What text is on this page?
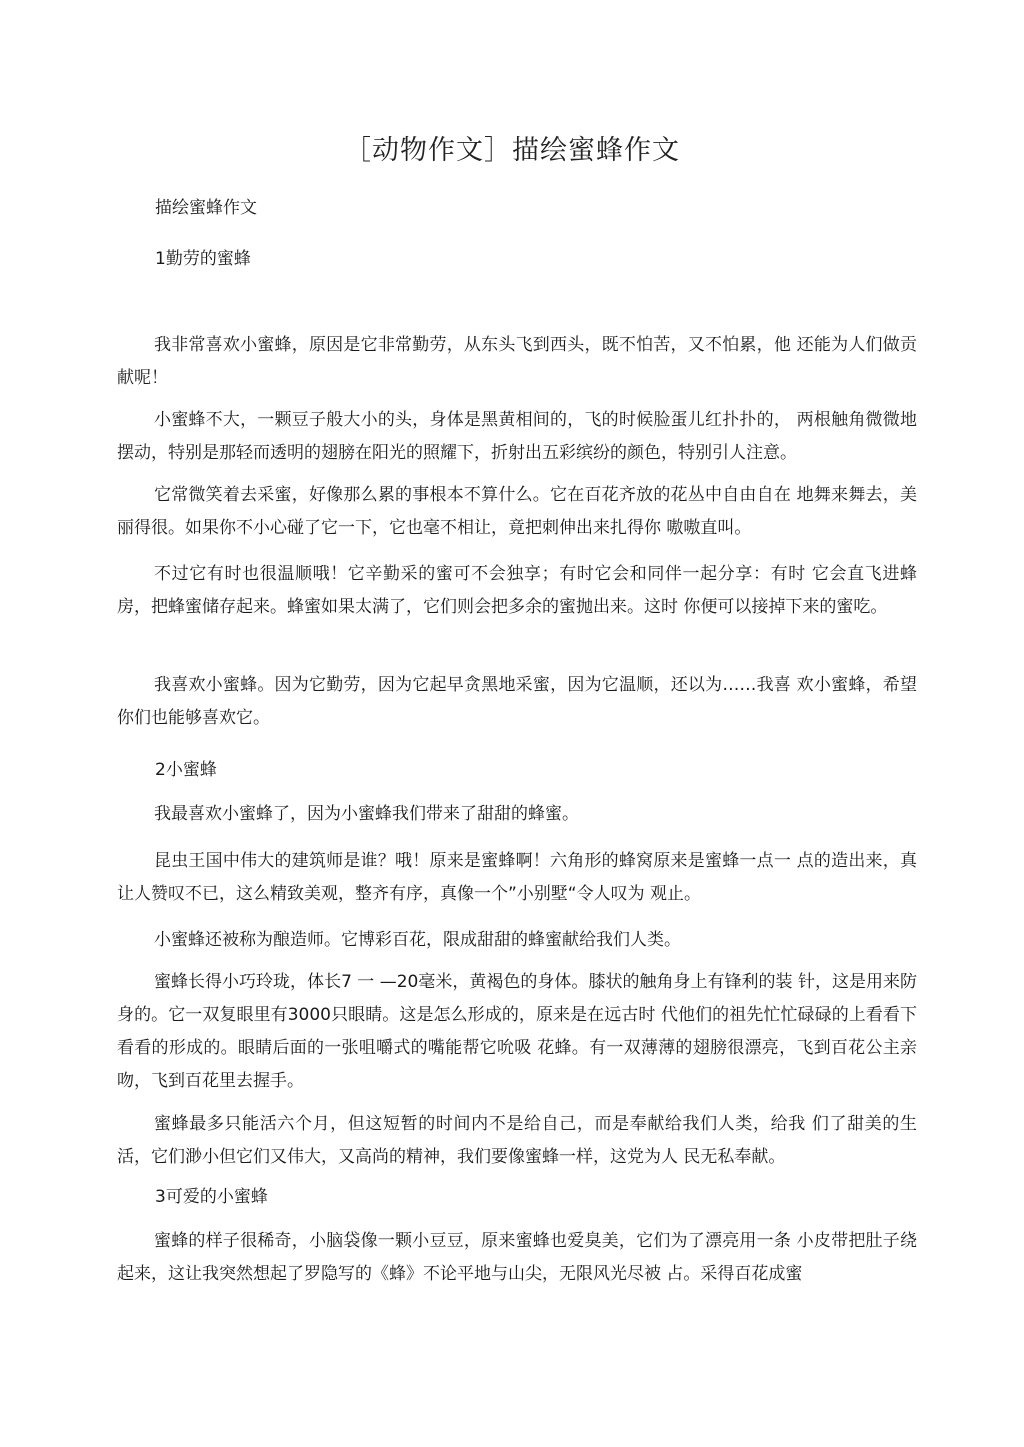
［动物作文］描绘蜜蜂作文
描绘蜜蜂作文
1勤劳的蜜蜂
我非常喜欢小蜜蜂，原因是它非常勤劳，从东头飞到西头，既不怕苦，又不怕累，他 还能为人们做贡献呢！
小蜜蜂不大，一颗豆子般大小的头，身体是黑黄相间的，飞的时候脸蛋儿红扑扑的， 两根触角微微地摆动，特别是那轻而透明的翅膀在阳光的照耀下，折射出五彩缤纷的颜色，特别引人注意。
它常微笑着去采蜜，好像那么累的事根本不算什么。它在百花齐放的花丛中自由自在 地舞来舞去，美丽得很。如果你不小心碰了它一下，它也毫不相让，竟把刺伸出来扎得你 嗷嗷直叫。
不过它有时也很温顺哦！它辛勤采的蜜可不会独享；有时它会和同伴一起分享：有时 它会直飞进蜂房，把蜂蜜储存起来。蜂蜜如果太满了，它们则会把多余的蜜抛出来。这时 你便可以接掉下来的蜜吃。
我喜欢小蜜蜂。因为它勤劳，因为它起早贪黑地采蜜，因为它温顺，还以为……我喜 欢小蜜蜂，希望你们也能够喜欢它。
2小蜜蜂
我最喜欢小蜜蜂了，因为小蜜蜂我们带来了甜甜的蜂蜜。
昆虫王国中伟大的建筑师是谁？哦！原来是蜜蜂啊！六角形的蜂窝原来是蜜蜂一点一 点的造出来，真让人赞叹不已，这么精致美观，整齐有序，真像一个”小别墅“令人叹为 观止。
小蜜蜂还被称为酿造师。它博彩百花，限成甜甜的蜂蜜献给我们人类。
蜜蜂长得小巧玲珑，体长7 一 —20毫米，黄褐色的身体。膝状的触角身上有锋利的装 针，这是用来防身的。它一双复眼里有3000只眼睛。这是怎么形成的，原来是在远古时 代他们的祖先忙忙碌碌的上看看下看看的形成的。眼睛后面的一张咀嚼式的嘴能帮它吮吸 花蜂。有一双薄薄的翅膀很漂亮，飞到百花公主亲吻，飞到百花里去握手。
蜜蜂最多只能活六个月，但这短暂的时间内不是给自己，而是奉献给我们人类，给我 们了甜美的生活，它们渺小但它们又伟大，又高尚的精神，我们要像蜜蜂一样，这党为人 民无私奉献。
3可爱的小蜜蜂
蜜蜂的样子很稀奇，小脑袋像一颗小豆豆，原来蜜蜂也爱臭美，它们为了漂亮用一条 小皮带把肚子绕起来，这让我突然想起了罗隐写的《蜂》不论平地与山尖，无限风光尽被 占。采得百花成蜜
